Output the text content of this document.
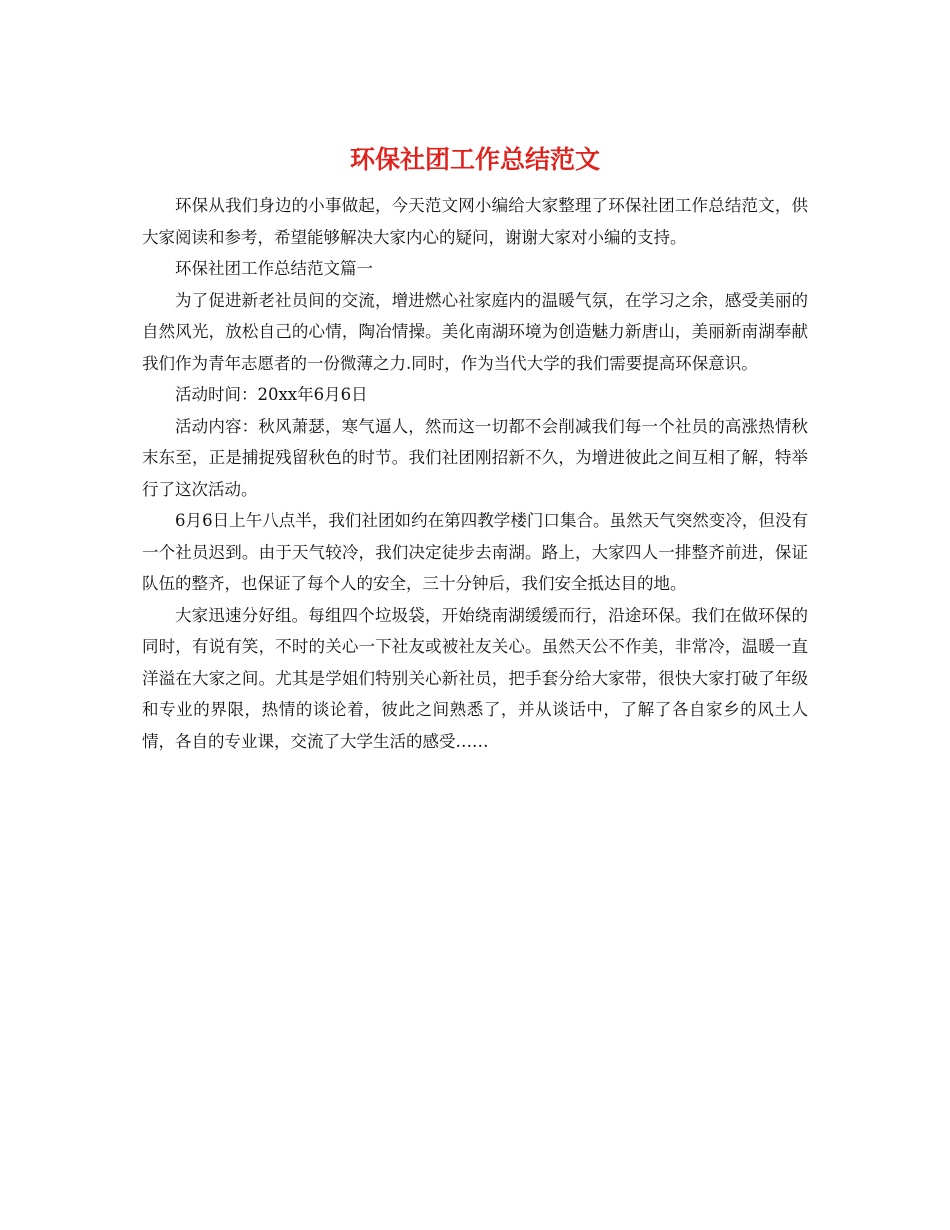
环保社团工作总结范文

环保从我们身边的小事做起，今天范文网小编给大家整理了环保社团工作总结范文，供大家阅读和参考，希望能够解决大家内心的疑问，谢谢大家对小编的支持。

环保社团工作总结范文篇一

为了促进新老社员间的交流，增进燃心社家庭内的温暖气氛，在学习之余，感受美丽的自然风光，放松自己的心情，陶冶情操。美化南湖环境为创造魅力新唐山，美丽新南湖奉献我们作为青年志愿者的一份微薄之力.同时，作为当代大学的我们需要提高环保意识。

活动时间：20xx年6月6日

活动内容：秋风萧瑟，寒气逼人，然而这一切都不会削减我们每一个社员的高涨热情秋末东至，正是捕捉残留秋色的时节。我们社团刚招新不久，为增进彼此之间互相了解，特举行了这次活动。

6月6日上午八点半，我们社团如约在第四教学楼门口集合。虽然天气突然变冷，但没有一个社员迟到。由于天气较冷，我们决定徒步去南湖。路上，大家四人一排整齐前进，保证队伍的整齐，也保证了每个人的安全，三十分钟后，我们安全抵达目的地。

大家迅速分好组。每组四个垃圾袋，开始绕南湖缓缓而行，沿途环保。我们在做环保的同时，有说有笑，不时的关心一下社友或被社友关心。虽然天公不作美，非常冷，温暖一直洋溢在大家之间。尤其是学姐们特别关心新社员，把手套分给大家带，很快大家打破了年级和专业的界限，热情的谈论着，彼此之间熟悉了，并从谈话中，了解了各自家乡的风土人情，各自的专业课，交流了大学生活的感受……
